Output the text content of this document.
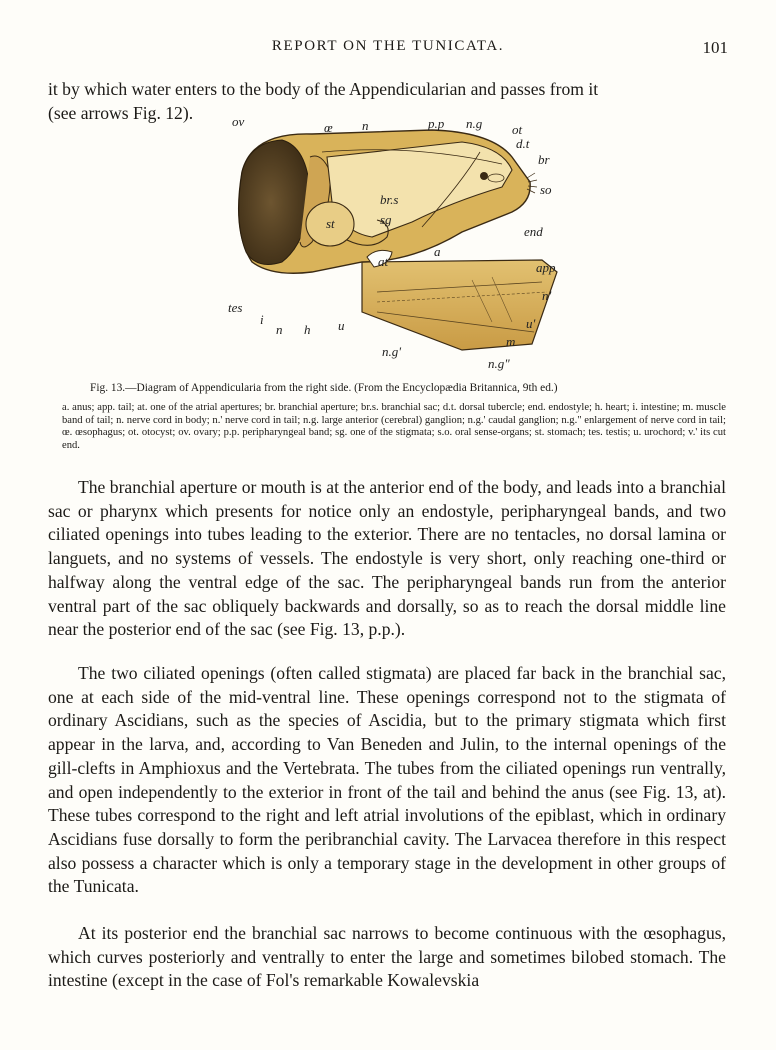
REPORT ON THE TUNICATA.	101

it by which water enters to the body of the Appendicularian and passes from it

(see arrows Fig. 12).	ov	œ n	p.p n.g ot
d.t
br
so
br.s
sg
st
end
a
at	app
n'
tes
i
n h u	u'
m
n.g'
n.g"
Fig. 13.—Diagram of Appendicularia from the right side. (From the Encyclopædia Britannica, 9th ed.)
a. anus; app. tail; at. one of the atrial apertures; br. branchial aperture; br.s. branchial sac; d.t. dorsal tubercle; end. endostyle; h. heart; i. intestine; m. muscle band of tail; n. nerve cord in body; n.' nerve cord in tail; n.g. large anterior (cerebral) ganglion; n.g.' caudal ganglion; n.g." enlargement of nerve cord in tail; œ. œsophagus; ot. otocyst; ov. ovary; p.p. peripharyngeal band; sg. one of the stigmata; s.o. oral sense-organs; st. stomach; tes. testis; u. urochord; v.' its cut end.

The branchial aperture or mouth is at the anterior end of the body, and leads into a branchial sac or pharynx which presents for notice only an endostyle, peripharyngeal bands, and two ciliated openings into tubes leading to the exterior. There are no tentacles, no dorsal lamina or languets, and no systems of vessels. The endostyle is very short, only reaching one-third or halfway along the ventral edge of the sac. The peripharyngeal bands run from the anterior ventral part of the sac obliquely backwards and dorsally, so as to reach the dorsal middle line near the posterior end of the sac (see Fig. 13, p.p.).

The two ciliated openings (often called stigmata) are placed far back in the branchial sac, one at each side of the mid-ventral line. These openings correspond not to the stigmata of ordinary Ascidians, such as the species of Ascidia, but to the primary stigmata which first appear in the larva, and, according to Van Beneden and Julin, to the internal openings of the gill-clefts in Amphioxus and the Vertebrata. The tubes from the ciliated openings run ventrally, and open independently to the exterior in front of the tail and behind the anus (see Fig. 13, at). These tubes correspond to the right and left atrial involutions of the epiblast, which in ordinary Ascidians fuse dorsally to form the peribranchial cavity. The Larvacea therefore in this respect also possess a character which is only a temporary stage in the development in other groups of the Tunicata.

At its posterior end the branchial sac narrows to become continuous with the œsophagus, which curves posteriorly and ventrally to enter the large and sometimes bilobed stomach. The intestine (except in the case of Fol's remarkable Kowalevskia
